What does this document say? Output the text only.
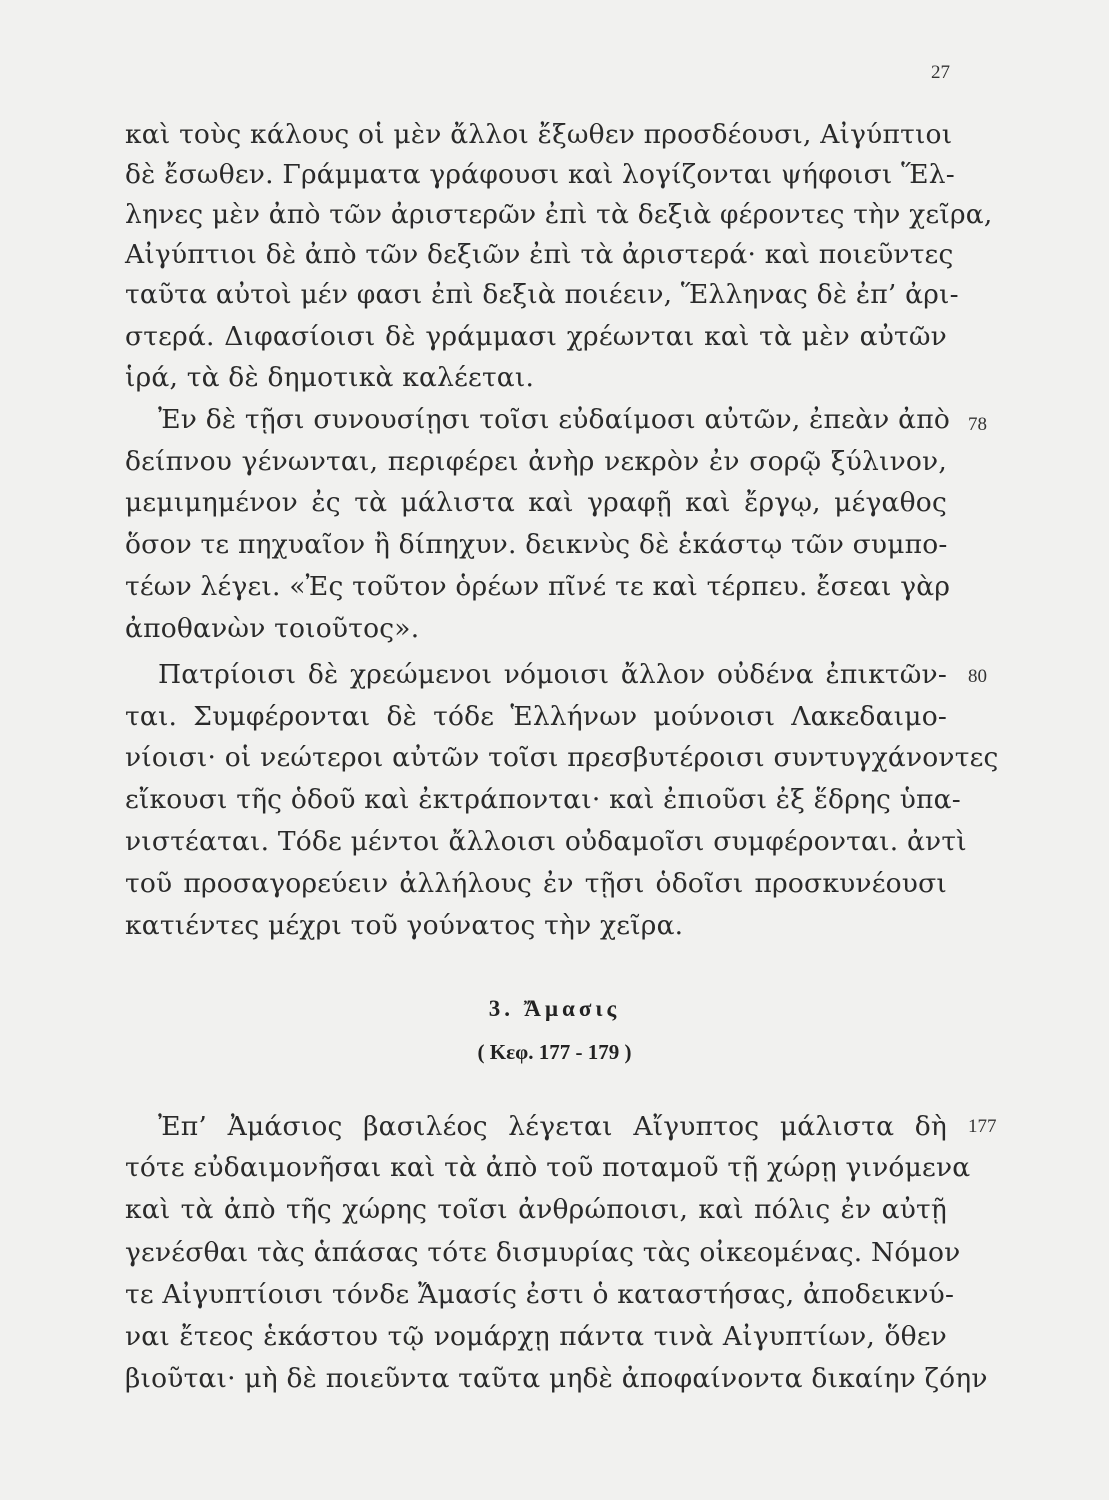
27
καὶ τοὺς κάλους οἱ μὲν ἄλλοι ἔξωθεν προσδέουσι, Αἰγύπτιοι
δὲ ἔσωθεν. Γράμματα γράφουσι καὶ λογίζονται ψήφοισι Ἕλ-
ληνες μὲν ἀπὸ τῶν ἀριστερῶν ἐπὶ τὰ δεξιὰ φέροντες τὴν χεῖρα,
Αἰγύπτιοι δὲ ἀπὸ τῶν δεξιῶν ἐπὶ τὰ ἀριστερά· καὶ ποιεῦντες
ταῦτα αὐτοὶ μέν φασι ἐπὶ δεξιὰ ποιέειν, Ἕλληνας δὲ ἐπ’ ἀρι-
στερά. Διφασίοισι δὲ γράμμασι χρέωνται καὶ τὰ μὲν αὐτῶν
ἱρά, τὰ δὲ δημοτικὰ καλέεται.
78
Ἐν δὲ τῇσι συνουσίῃσι τοῖσι εὐδαίμοσι αὐτῶν, ἐπεὰν ἀπὸ
δείπνου γένωνται, περιφέρει ἀνὴρ νεκρὸν ἐν σορῷ ξύλινον,
μεμιμημένον ἐς τὰ μάλιστα καὶ γραφῇ καὶ ἔργῳ, μέγαθος
ὅσον τε πηχυαῖον ἢ δίπηχυν. δεικνὺς δὲ ἑκάστῳ τῶν συμπο-
τέων λέγει. «Ἐς τοῦτον ὁρέων πῖνέ τε καὶ τέρπευ. ἔσεαι γὰρ
ἀποθανὼν τοιοῦτος».
80
Πατρίοισι δὲ χρεώμενοι νόμοισι ἄλλον οὐδένα ἐπικτῶν-
ται. Συμφέρονται δὲ τόδε Ἑλλήνων μούνοισι Λακεδαιμο-
νίοισι· οἱ νεώτεροι αὐτῶν τοῖσι πρεσβυτέροισι συντυγχάνοντες
εἴκουσι τῆς ὁδοῦ καὶ ἐκτράπονται· καὶ ἐπιοῦσι ἐξ ἕδρης ὑπα-
νιστέαται. Τόδε μέντοι ἄλλοισι οὐδαμοῖσι συμφέρονται. ἀντὶ
τοῦ προσαγορεύειν ἀλλήλους ἐν τῇσι ὁδοῖσι προσκυνέουσι
κατιέντες μέχρι τοῦ γούνατος τὴν χεῖρα.
3. Ἄμασις
( Κεφ. 177 - 179 )
177
Ἐπ’ Ἀμάσιος βασιλέος λέγεται Αἴγυπτος μάλιστα δὴ
τότε εὐδαιμονῆσαι καὶ τὰ ἀπὸ τοῦ ποταμοῦ τῇ χώρῃ γινόμενα
καὶ τὰ ἀπὸ τῆς χώρης τοῖσι ἀνθρώποισι, καὶ πόλις ἐν αὐτῇ
γενέσθαι τὰς ἁπάσας τότε δισμυρίας τὰς οἰκεομένας. Νόμον
τε Αἰγυπτίοισι τόνδε Ἄμασίς ἐστι ὁ καταστήσας, ἀποδεικνύ-
ναι ἔτεος ἑκάστου τῷ νομάρχῃ πάντα τινὰ Αἰγυπτίων, ὅθεν
βιοῦται· μὴ δὲ ποιεῦντα ταῦτα μηδὲ ἀποφαίνοντα δικαίην ζόην
